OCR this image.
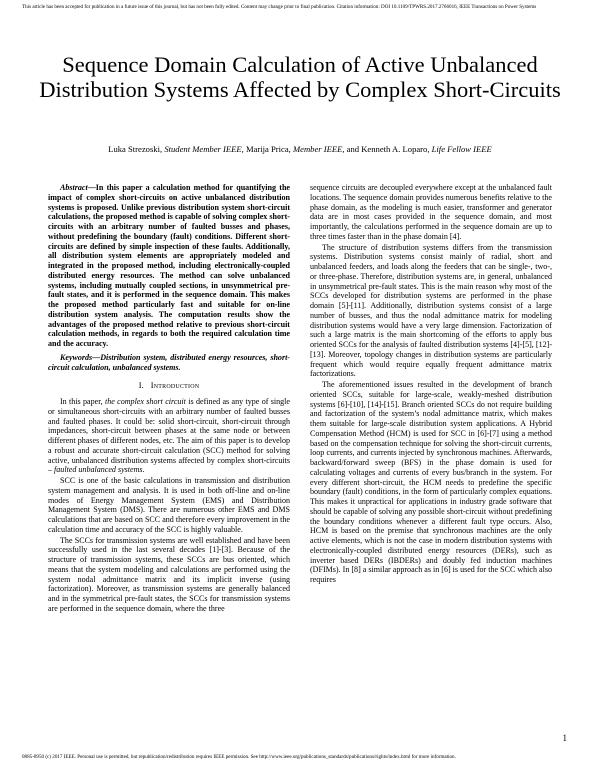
This article has been accepted for publication in a future issue of this journal, but has not been fully edited. Content may change prior to final publication. Citation information: DOI 10.1109/TPWRS.2017.2766016, IEEE Transactions on Power Systems
Sequence Domain Calculation of Active Unbalanced Distribution Systems Affected by Complex Short-Circuits
Luka Strezoski, Student Member IEEE, Marija Prica, Member IEEE, and Kenneth A. Loparo, Life Fellow IEEE

Abstract—In this paper a calculation method for quantifying the impact of complex short-circuits on active unbalanced distribution systems is proposed. Unlike previous distribution system short-circuit calculations, the proposed method is capable of solving complex short-circuits with an arbitrary number of faulted busses and phases, without predefining the boundary (fault) conditions. Different short-circuits are defined by simple inspection of these faults. Additionally, all distribution system elements are appropriately modeled and integrated in the proposed method, including electronically-coupled distributed energy resources. The method can solve unbalanced systems, including mutually coupled sections, in unsymmetrical pre-fault states, and it is performed in the sequence domain. This makes the proposed method particularly fast and suitable for on-line distribution system analysis. The computation results show the advantages of the proposed method relative to previous short-circuit calculation methods, in regards to both the required calculation time and the accuracy.

Keywords—Distribution system, distributed energy resources, short-circuit calculation, unbalanced systems.

I. Introduction

In this paper, the complex short circuit is defined as any type of single or simultaneous short-circuits with an arbitrary number of faulted busses and faulted phases. It could be: solid short-circuit, short-circuit through impedances, short-circuit between phases at the same node or between different phases of different nodes, etc. The aim of this paper is to develop a robust and accurate short-circuit calculation (SCC) method for solving active, unbalanced distribution systems affected by complex short-circuits – faulted unbalanced systems.

SCC is one of the basic calculations in transmission and distribution system management and analysis. It is used in both off-line and on-line modes of Energy Management System (EMS) and Distribution Management System (DMS). There are numerous other EMS and DMS calculations that are based on SCC and therefore every improvement in the calculation time and accuracy of the SCC is highly valuable.

The SCCs for transmission systems are well established and have been successfully used in the last several decades [1]-[3]. Because of the structure of transmission systems, these SCCs are bus oriented, which means that the system modeling and calculations are performed using the system nodal admittance matrix and its implicit inverse (using factorization). Moreover, as transmission systems are generally balanced and in the symmetrical pre-fault states, the SCCs for transmission systems are performed in the sequence domain, where the three

sequence circuits are decoupled everywhere except at the unbalanced fault locations. The sequence domain provides numerous benefits relative to the phase domain, as the modeling is much easier, transformer and generator data are in most cases provided in the sequence domain, and most importantly, the calculations performed in the sequence domain are up to three times faster than in the phase domain [4].

The structure of distribution systems differs from the transmission systems. Distribution systems consist mainly of radial, short and unbalanced feeders, and loads along the feeders that can be single-, two-, or three-phase. Therefore, distribution systems are, in general, unbalanced in unsymmetrical pre-fault states. This is the main reason why most of the SCCs developed for distribution systems are performed in the phase domain [5]-[11]. Additionally, distribution systems consist of a large number of busses, and thus the nodal admittance matrix for modeling distribution systems would have a very large dimension. Factorization of such a large matrix is the main shortcoming of the efforts to apply bus oriented SCCs for the analysis of faulted distribution systems [4]-[5], [12]-[13]. Moreover, topology changes in distribution systems are particularly frequent which would require equally frequent admittance matrix factorizations.

The aforementioned issues resulted in the development of branch oriented SCCs, suitable for large-scale, weakly-meshed distribution systems [6]-[10], [14]-[15]. Branch oriented SCCs do not require building and factorization of the system’s nodal admittance matrix, which makes them suitable for large-scale distribution system applications. A Hybrid Compensation Method (HCM) is used for SCC in [6]-[7] using a method based on the compensation technique for solving the short-circuit currents, loop currents, and currents injected by synchronous machines. Afterwards, backward/forward sweep (BFS) in the phase domain is used for calculating voltages and currents of every bus/branch in the system. For every different short-circuit, the HCM needs to predefine the specific boundary (fault) conditions, in the form of particularly complex equations. This makes it unpractical for applications in industry grade software that should be capable of solving any possible short-circuit without predefining the boundary conditions whenever a different fault type occurs. Also, HCM is based on the premise that synchronous machines are the only active elements, which is not the case in modern distribution systems with electronically-coupled distributed energy resources (DERs), such as inverter based DERs (IBDERs) and doubly fed induction machines (DFIMs). In [8] a similar approach as in [6] is used for the SCC which also requires

1
0885-8950 (c) 2017 IEEE. Personal use is permitted, but republication/redistribution requires IEEE permission. See http://www.ieee.org/publications_standards/publications/rights/index.html for more information.
